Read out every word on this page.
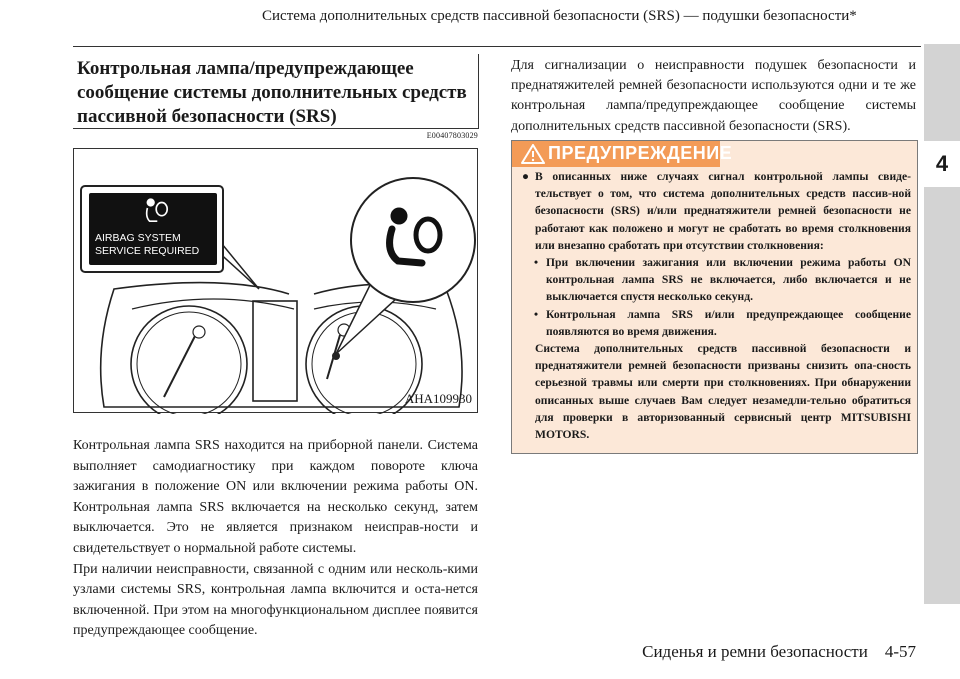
Система дополнительных средств пассивной безопасности (SRS) — подушки безопасности*
4
Контрольная лампа/предупреждающее сообщение системы дополнительных средств пассивной безопасности (SRS)
E00407803029
AIRBAG SYSTEM
SERVICE REQUIRED
AHA109930

Контрольная лампа SRS находится на приборной панели. Система выполняет самодиагностику при каждом повороте ключа зажигания в положение ON или включении режима работы ON. Контрольная лампа SRS включается на несколько секунд, затем выключается. Это не является признаком неисправ-ности и свидетельствует о нормальной работе системы.

При наличии неисправности, связанной с одним или несколь-кими узлами системы SRS, контрольная лампа включится и оста-нется включенной. При этом на многофункциональном дисплее появится предупреждающее сообщение.

Для сигнализации о неисправности подушек безопасности и преднатяжителей ремней безопасности используются одни и те же контрольная лампа/предупреждающее сообщение системы дополнительных средств пассивной безопасности (SRS).
ПРЕДУПРЕЖДЕНИЕ
● В описанных ниже случаях сигнал контрольной лампы свиде-тельствует о том, что система дополнительных средств пассив-ной безопасности (SRS) и/или преднатяжители ремней безопасности не работают как положено и могут не сработать во время столкновения или внезапно сработать при отсутствии столкновения:
• При включении зажигания или включении режима работы ON контрольная лампа SRS не включается, либо включается и не выключается спустя несколько секунд.
• Контрольная лампа SRS и/или предупреждающее сообщение появляются во время движения.
Система дополнительных средств пассивной безопасности и преднатяжители ремней безопасности призваны снизить опа-сность серьезной травмы или смерти при столкновениях. При обнаружении описанных выше случаев Вам следует незамедли-тельно обратиться для проверки в авторизованный сервисный центр MITSUBISHI MOTORS.
Сиденья и ремни безопасности    4-57
